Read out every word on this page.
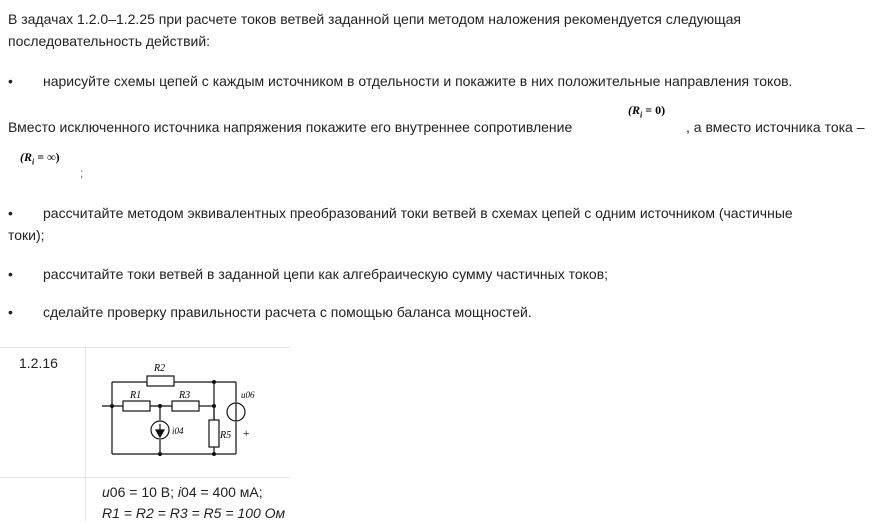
В задачах 1.2.0–1.2.25 при расчете токов ветвей заданной цепи методом наложения рекомендуется следующая
последовательность действий:
• нарисуйте схемы цепей с каждым источником в отдельности и покажите в них положительные направления токов.
Вместо исключенного источника напряжения покажите его внутреннее сопротивление
$(R_i = 0)$
, а вместо источника тока –
($R_i$ = ∞)
;
• рассчитайте методом эквивалентных преобразований токи ветвей в схемах цепей с одним источником (частичные
токи);
• рассчитайте токи ветвей в заданной цепи как алгебраическую сумму частичных токов;
• сделайте проверку правильности расчета с помощью баланса мощностей.
1.2.16	R2
R1	R3
R5
u06
i04	+
u06 = 10 В; i04 = 400 мА;
R1 = R2 = R3 = R5 = 100 Ом
